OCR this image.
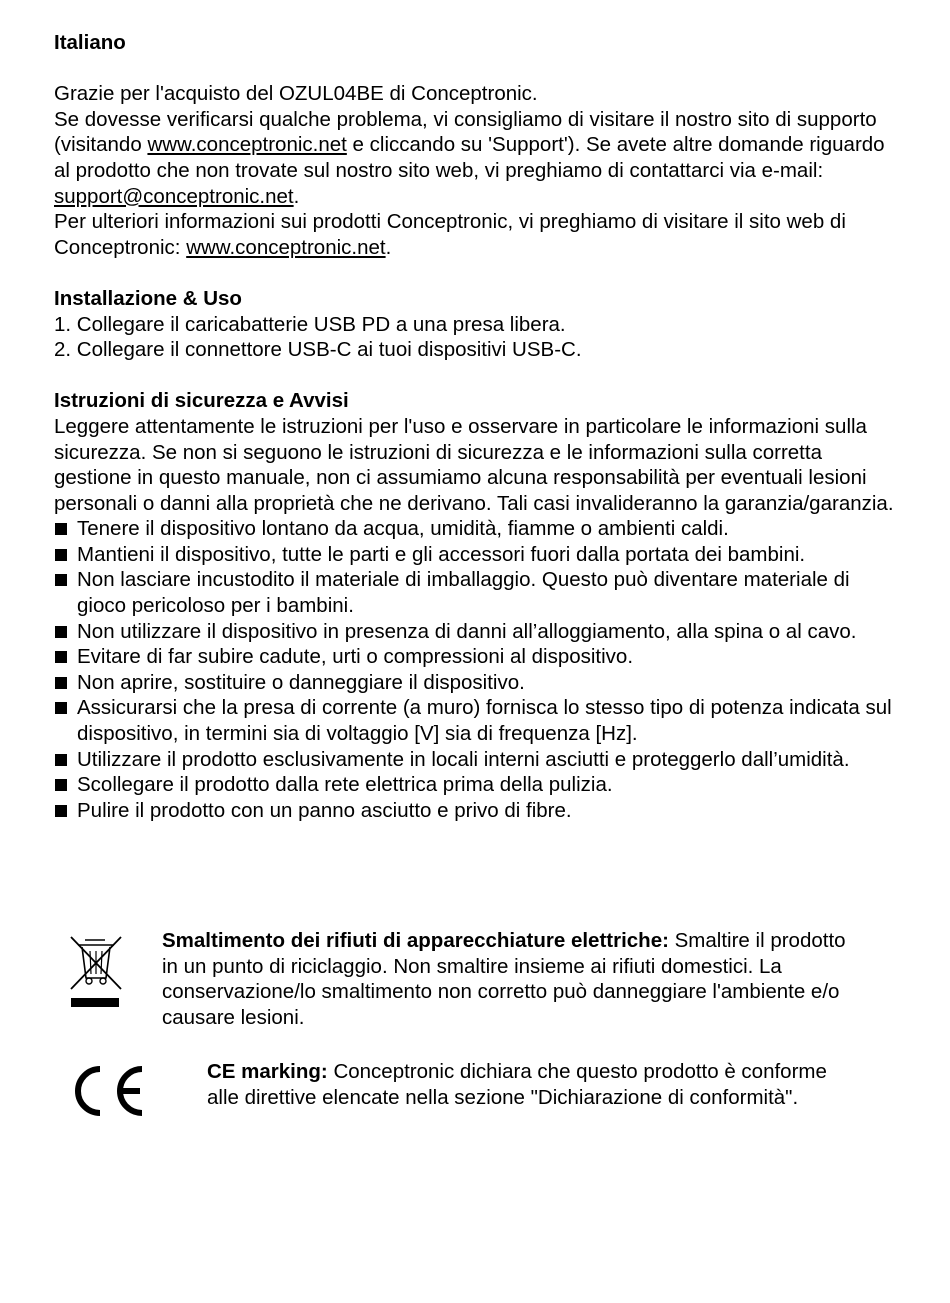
Italiano

Grazie per l'acquisto del OZUL04BE di Conceptronic.

Se dovesse verificarsi qualche problema, vi consigliamo di visitare il nostro sito di supporto (visitando www.conceptronic.net e cliccando su 'Support'). Se avete altre domande riguardo al prodotto che non trovate sul nostro sito web, vi preghiamo di contattarci via e-mail: support@conceptronic.net.

Per ulteriori informazioni sui prodotti Conceptronic, vi preghiamo di visitare il sito web di Conceptronic: www.conceptronic.net.

Installazione & Uso

1. Collegare il caricabatterie USB PD a una presa libera.
2. Collegare il connettore USB-C ai tuoi dispositivi USB-C.

Istruzioni di sicurezza e Avvisi

Leggere attentamente le istruzioni per l'uso e osservare in particolare le informazioni sulla sicurezza. Se non si seguono le istruzioni di sicurezza e le informazioni sulla corretta gestione in questo manuale, non ci assumiamo alcuna responsabilità per eventuali lesioni personali o danni alla proprietà che ne derivano. Tali casi invalideranno la garanzia/garanzia.

Tenere il dispositivo lontano da acqua, umidità, fiamme o ambienti caldi.
Mantieni il dispositivo, tutte le parti e gli accessori fuori dalla portata dei bambini.
Non lasciare incustodito il materiale di imballaggio. Questo può diventare materiale di gioco pericoloso per i bambini.
Non utilizzare il dispositivo in presenza di danni all’alloggiamento, alla spina o al cavo.
Evitare di far subire cadute, urti o compressioni al dispositivo.
Non aprire, sostituire o danneggiare il dispositivo.
Assicurarsi che la presa di corrente (a muro) fornisca lo stesso tipo di potenza indicata sul dispositivo, in termini sia di voltaggio [V] sia di frequenza [Hz].
Utilizzare il prodotto esclusivamente in locali interni asciutti e proteggerlo dall’umidità.
Scollegare il prodotto dalla rete elettrica prima della pulizia.
Pulire il prodotto con un panno asciutto e privo di fibre.

Smaltimento dei rifiuti di apparecchiature elettriche: Smaltire il prodotto in un punto di riciclaggio. Non smaltire insieme ai rifiuti domestici. La conservazione/lo smaltimento non corretto può danneggiare l'ambiente e/o causare lesioni.

CE marking: Conceptronic dichiara che questo prodotto è conforme alle direttive elencate nella sezione "Dichiarazione di conformità".
